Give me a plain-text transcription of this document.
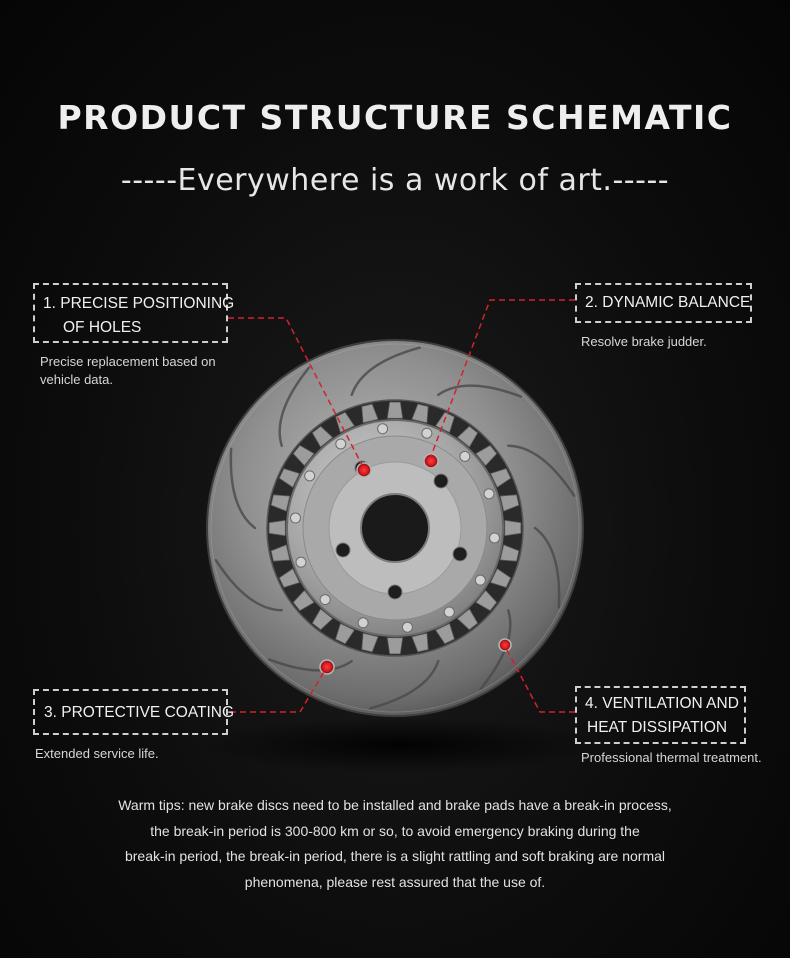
PRODUCT STRUCTURE SCHEMATIC
-----Everywhere is a work of art.-----
1. PRECISE POSITIONING
OF HOLES
Precise replacement based on vehicle data.
2. DYNAMIC BALANCE
Resolve brake judder.
3. PROTECTIVE COATING
Extended service life.
4. VENTILATION AND
HEAT DISSIPATION
Professional thermal treatment.
Warm tips: new brake discs need to be installed and brake pads have a break-in process,
the break-in period is 300-800 km or so, to avoid emergency braking during the
break-in period, the break-in period, there is a slight rattling and soft braking are normal
phenomena, please rest assured that the use of.
